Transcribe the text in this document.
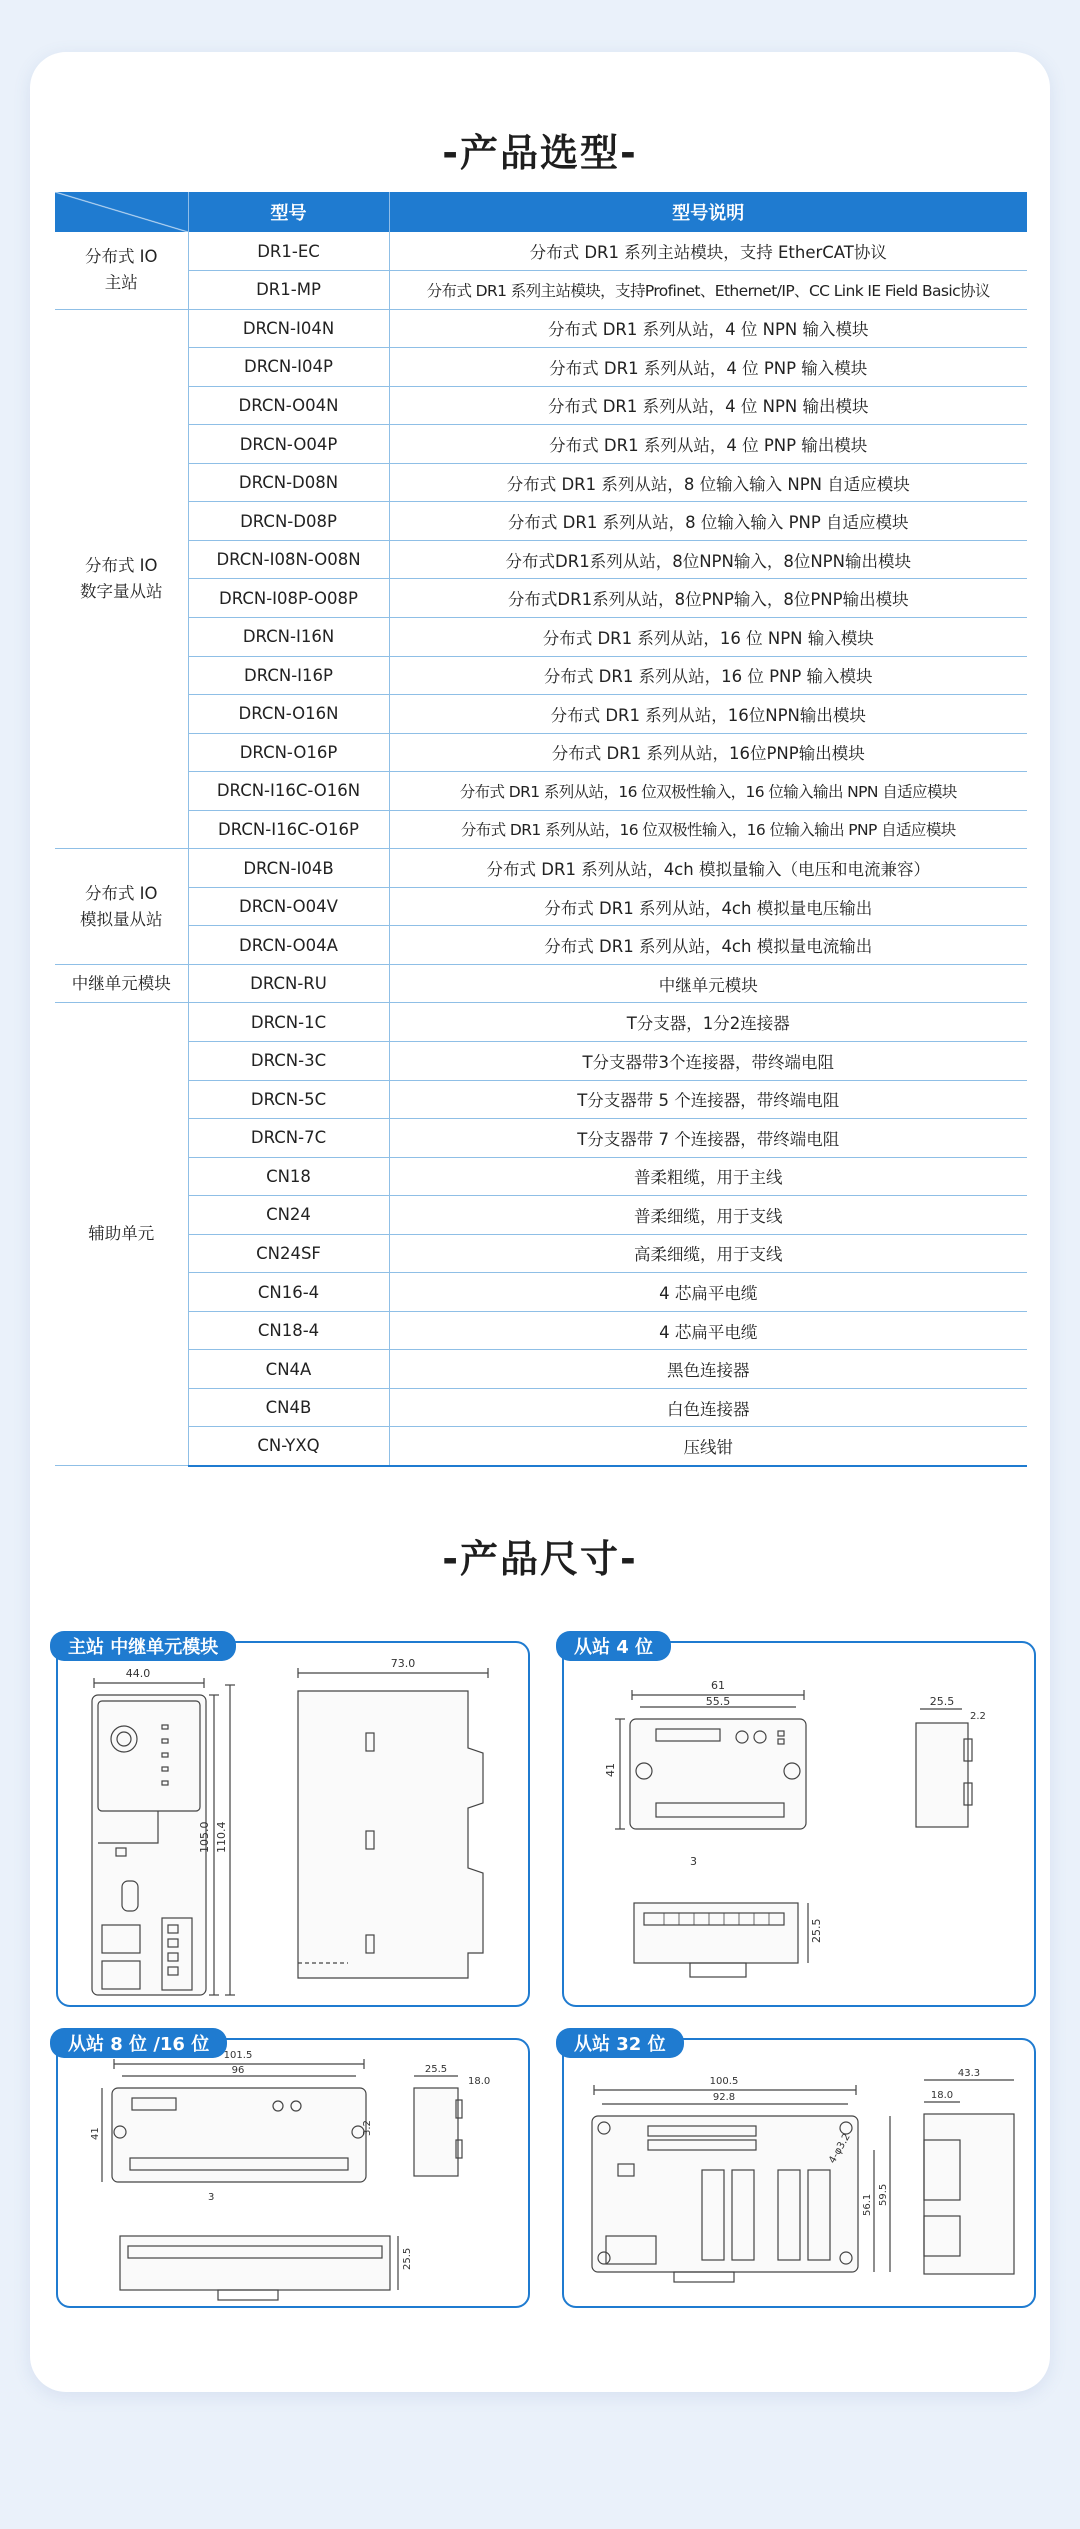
-产品选型-
	型号	型号说明
分布式 IO
主站	DR1-EC	分布式 DR1 系列主站模块，支持 EtherCAT协议
	DR1-MP	分布式 DR1 系列主站模块，支持Profinet、Ethernet/IP、CC Link IE Field Basic协议
分布式 IO
数字量从站	DRCN-I04N	分布式 DR1 系列从站，4 位 NPN 输入模块
	DRCN-I04P	分布式 DR1 系列从站，4 位 PNP 输入模块
	DRCN-O04N	分布式 DR1 系列从站，4 位 NPN 输出模块
	DRCN-O04P	分布式 DR1 系列从站，4 位 PNP 输出模块
	DRCN-D08N	分布式 DR1 系列从站，8 位输入输入 NPN 自适应模块
	DRCN-D08P	分布式 DR1 系列从站，8 位输入输入 PNP 自适应模块
	DRCN-I08N-O08N	分布式DR1系列从站，8位NPN输入，8位NPN输出模块
	DRCN-I08P-O08P	分布式DR1系列从站，8位PNP输入，8位PNP输出模块
	DRCN-I16N	分布式 DR1 系列从站，16 位 NPN 输入模块
	DRCN-I16P	分布式 DR1 系列从站，16 位 PNP 输入模块
	DRCN-O16N	分布式 DR1 系列从站，16位NPN输出模块
	DRCN-O16P	分布式 DR1 系列从站，16位PNP输出模块
	DRCN-I16C-O16N	分布式 DR1 系列从站，16 位双极性输入，16 位输入输出 NPN 自适应模块
	DRCN-I16C-O16P	分布式 DR1 系列从站，16 位双极性输入，16 位输入输出 PNP 自适应模块
分布式 IO
模拟量从站	DRCN-I04B	分布式 DR1 系列从站，4ch 模拟量输入（电压和电流兼容）
	DRCN-O04V	分布式 DR1 系列从站，4ch 模拟量电压输出
	DRCN-O04A	分布式 DR1 系列从站，4ch 模拟量电流输出
中继单元模块	DRCN-RU	中继单元模块
辅助单元	DRCN-1C	T分支器，1分2连接器
	DRCN-3C	T分支器带3个连接器，带终端电阻
	DRCN-5C	T分支器带 5 个连接器，带终端电阻
	DRCN-7C	T分支器带 7 个连接器，带终端电阻
	CN18	普柔粗缆，用于主线
	CN24	普柔细缆，用于支线
	CN24SF	高柔细缆，用于支线
	CN16-4	4 芯扁平电缆
	CN18-4	4 芯扁平电缆
	CN4A	黑色连接器
	CN4B	白色连接器
	CN-YXQ	压线钳
-产品尺寸-
44.0
105.0 110.4
73.0
主站 中继单元模块
61
55.5
41
3
25.5
2.2
25.5
从站 4 位
101.5
96
41	3.2
3
25.5
18.0
25.5
从站 8 位 /16 位
100.5
92.8
4-φ3.2
56.1 59.5
18.0
43.3
从站 32 位
